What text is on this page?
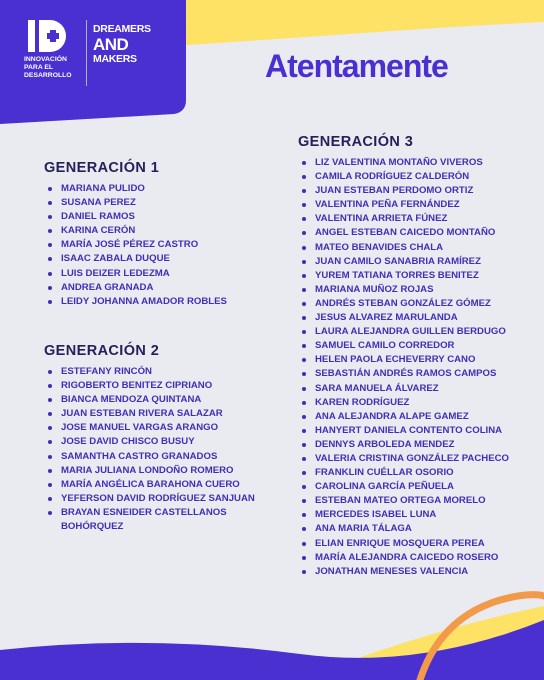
INNOVACIÓN PARA EL DESARROLLO
DREAMERS
AND
MAKERS	Atentamente
GENERACIÓN 1
MARIANA PULIDO
SUSANA PEREZ
DANIEL RAMOS
KARINA CERÓN
MARÍA JOSÉ PÉREZ CASTRO
ISAAC ZABALA DUQUE
LUIS DEIZER LEDEZMA
ANDREA GRANADA
LEIDY JOHANNA AMADOR ROBLES
GENERACIÓN 2
ESTEFANY RINCÓN
RIGOBERTO BENITEZ CIPRIANO
BIANCA MENDOZA QUINTANA
JUAN ESTEBAN RIVERA SALAZAR
JOSE MANUEL VARGAS ARANGO
JOSE DAVID CHISCO BUSUY
SAMANTHA CASTRO GRANADOS
MARIA JULIANA LONDOÑO ROMERO
MARÍA ANGÉLICA BARAHONA CUERO
YEFERSON DAVID RODRÍGUEZ SANJUAN
BRAYAN ESNEIDER CASTELLANOS BOHÓRQUEZ
GENERACIÓN 3
LIZ VALENTINA MONTAÑO VIVEROS
CAMILA RODRÍGUEZ CALDERÓN
JUAN ESTEBAN PERDOMO ORTIZ
VALENTINA PEÑA FERNÁNDEZ
VALENTINA ARRIETA FÚNEZ
ANGEL ESTEBAN CAICEDO MONTAÑO
MATEO BENAVIDES CHALA
JUAN CAMILO SANABRIA RAMÍREZ
YUREM TATIANA TORRES BENITEZ
MARIANA MUÑOZ ROJAS
ANDRÉS STEBAN GONZÁLEZ GÓMEZ
JESUS ALVAREZ MARULANDA
LAURA ALEJANDRA GUILLEN BERDUGO
SAMUEL CAMILO CORREDOR
HELEN PAOLA ECHEVERRY CANO
SEBASTIÁN ANDRÉS RAMOS CAMPOS
SARA MANUELA ÁLVAREZ
KAREN RODRÍGUEZ
ANA ALEJANDRA ALAPE GAMEZ
HANYERT DANIELA CONTENTO COLINA
DENNYS ARBOLEDA MENDEZ
VALERIA CRISTINA GONZÁLEZ PACHECO
FRANKLIN CUÉLLAR OSORIO
CAROLINA GARCÍA PEÑUELA
ESTEBAN MATEO ORTEGA MORELO
MERCEDES ISABEL LUNA
ANA MARIA TÁLAGA
ELIAN ENRIQUE MOSQUERA PEREA
MARÍA ALEJANDRA CAICEDO ROSERO
JONATHAN MENESES VALENCIA
